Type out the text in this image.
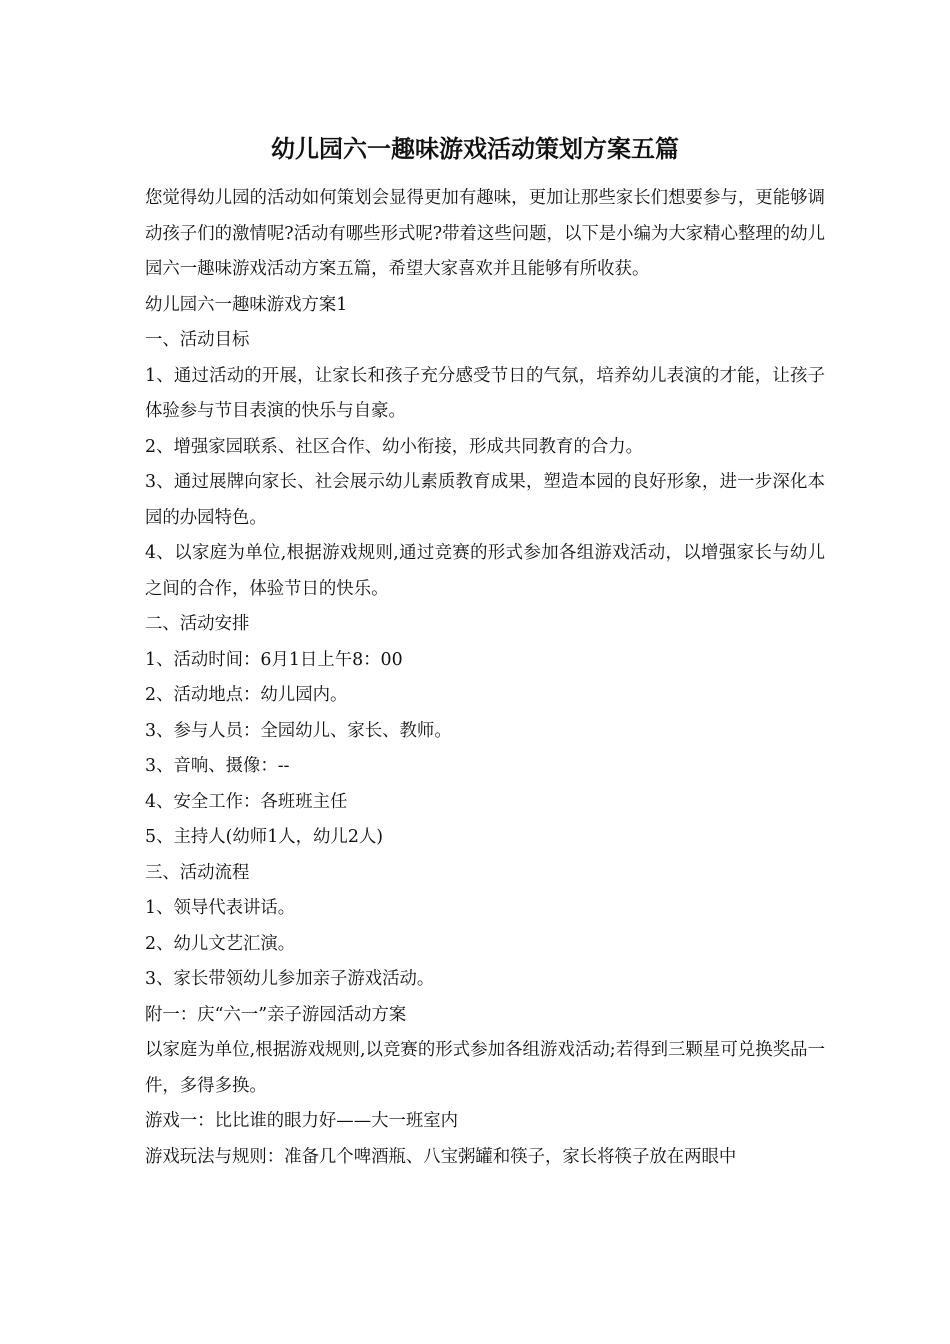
幼儿园六一趣味游戏活动策划方案五篇

您觉得幼儿园的活动如何策划会显得更加有趣味，更加让那些家长们想要参与，更能够调动孩子们的激情呢?活动有哪些形式呢?带着这些问题，以下是小编为大家精心整理的幼儿园六一趣味游戏活动方案五篇，希望大家喜欢并且能够有所收获。

幼儿园六一趣味游戏方案1

一、活动目标

1、通过活动的开展，让家长和孩子充分感受节日的气氛，培养幼儿表演的才能，让孩子体验参与节目表演的快乐与自豪。

2、增强家园联系、社区合作、幼小衔接，形成共同教育的合力。

3、通过展牌向家长、社会展示幼儿素质教育成果，塑造本园的良好形象，进一步深化本园的办园特色。

4、以家庭为单位,根据游戏规则,通过竞赛的形式参加各组游戏活动，以增强家长与幼儿之间的合作，体验节日的快乐。

二、活动安排

1、活动时间：6月1日上午8：00

2、活动地点：幼儿园内。

3、参与人员：全园幼儿、家长、教师。

3、音响、摄像：--

4、安全工作：各班班主任

5、主持人(幼师1人，幼儿2人)

三、活动流程

1、领导代表讲话。

2、幼儿文艺汇演。

3、家长带领幼儿参加亲子游戏活动。

附一：庆“六一”亲子游园活动方案

以家庭为单位,根据游戏规则,以竞赛的形式参加各组游戏活动;若得到三颗星可兑换奖品一件，多得多换。

游戏一：比比谁的眼力好——大一班室内

游戏玩法与规则：准备几个啤酒瓶、八宝粥罐和筷子，家长将筷子放在两眼中
